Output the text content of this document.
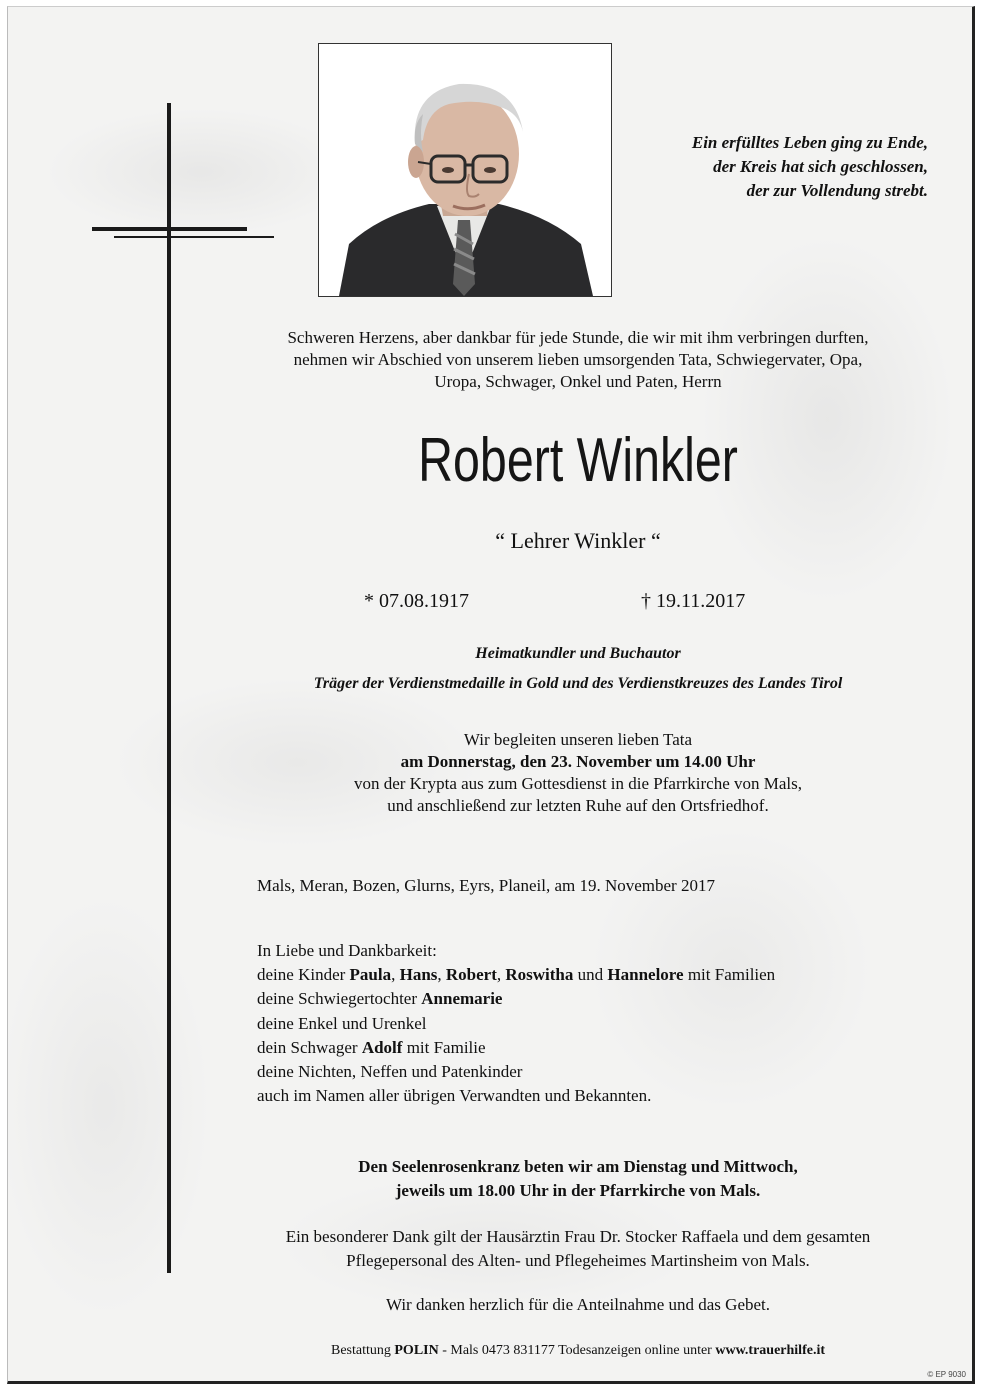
Ein erfülltes Leben ging zu Ende,
der Kreis hat sich geschlossen,
der zur Vollendung strebt.
Schweren Herzens, aber dankbar für jede Stunde, die wir mit ihm verbringen durften,
nehmen wir Abschied von unserem lieben umsorgenden Tata, Schwiegervater, Opa,
Uropa, Schwager, Onkel und Paten, Herrn
Robert Winkler
“ Lehrer Winkler “
* 07.08.1917	† 19.11.2017
Heimatkundler und Buchautor
Träger der Verdienstmedaille in Gold und des Verdienstkreuzes des Landes Tirol
Wir begleiten unseren lieben Tata
am Donnerstag, den 23. November um 14.00 Uhr
von der Krypta aus zum Gottesdienst in die Pfarrkirche von Mals,
und anschließend zur letzten Ruhe auf den Ortsfriedhof.
Mals, Meran, Bozen, Glurns, Eyrs, Planeil, am 19. November 2017
In Liebe und Dankbarkeit:
deine Kinder Paula, Hans, Robert, Roswitha und Hannelore mit Familien
deine Schwiegertochter Annemarie
deine Enkel und Urenkel
dein Schwager Adolf mit Familie
deine Nichten, Neffen und Patenkinder
auch im Namen aller übrigen Verwandten und Bekannten.
Den Seelenrosenkranz beten wir am Dienstag und Mittwoch,
jeweils um 18.00 Uhr in der Pfarrkirche von Mals.
Ein besonderer Dank gilt der Hausärztin Frau Dr. Stocker Raffaela und dem gesamten
Pflegepersonal des Alten- und Pflegeheimes Martinsheim von Mals.
Wir danken herzlich für die Anteilnahme und das Gebet.
Bestattung POLIN - Mals 0473 831177 Todesanzeigen online unter www.trauerhilfe.it
© EP 9030
